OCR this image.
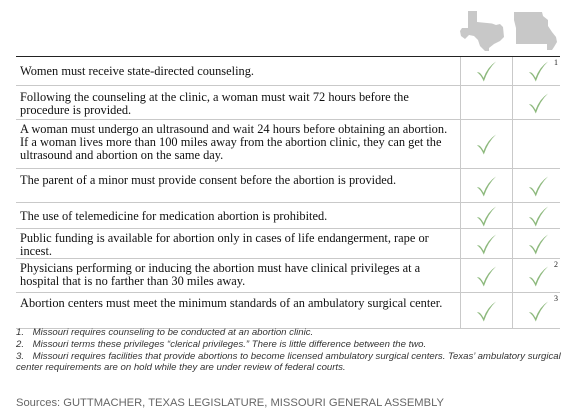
Women must receive state-directed counseling.
1
Following the counseling at the clinic, a woman must wait 72 hours before the procedure is provided.
A woman must undergo an ultrasound and wait 24 hours before obtaining an abortion. If a woman lives more than 100 miles away from the abortion clinic, they can get the ultrasound and abortion on the same day.
The parent of a minor must provide consent before the abortion is provided.
The use of telemedicine for medication abortion is prohibited.
Public funding is available for abortion only in cases of life endangerment, rape or incest.
Physicians performing or inducing the abortion must have clinical privileges at a hospital that is no farther than 30 miles away.
2
Abortion centers must meet the minimum standards of an ambulatory surgical center.	3
1. Missouri requires counseling to be conducted at an abortion clinic.
2. Missouri terms these privileges “clerical privileges.” There is little difference between the two.
3. Missouri requires facilities that provide abortions to become licensed ambulatory surgical centers. Texas’ ambulatory surgical center requirements are on hold while they are under review of federal courts.
Sources: GUTTMACHER, TEXAS LEGISLATURE, MISSOURI GENERAL ASSEMBLY
